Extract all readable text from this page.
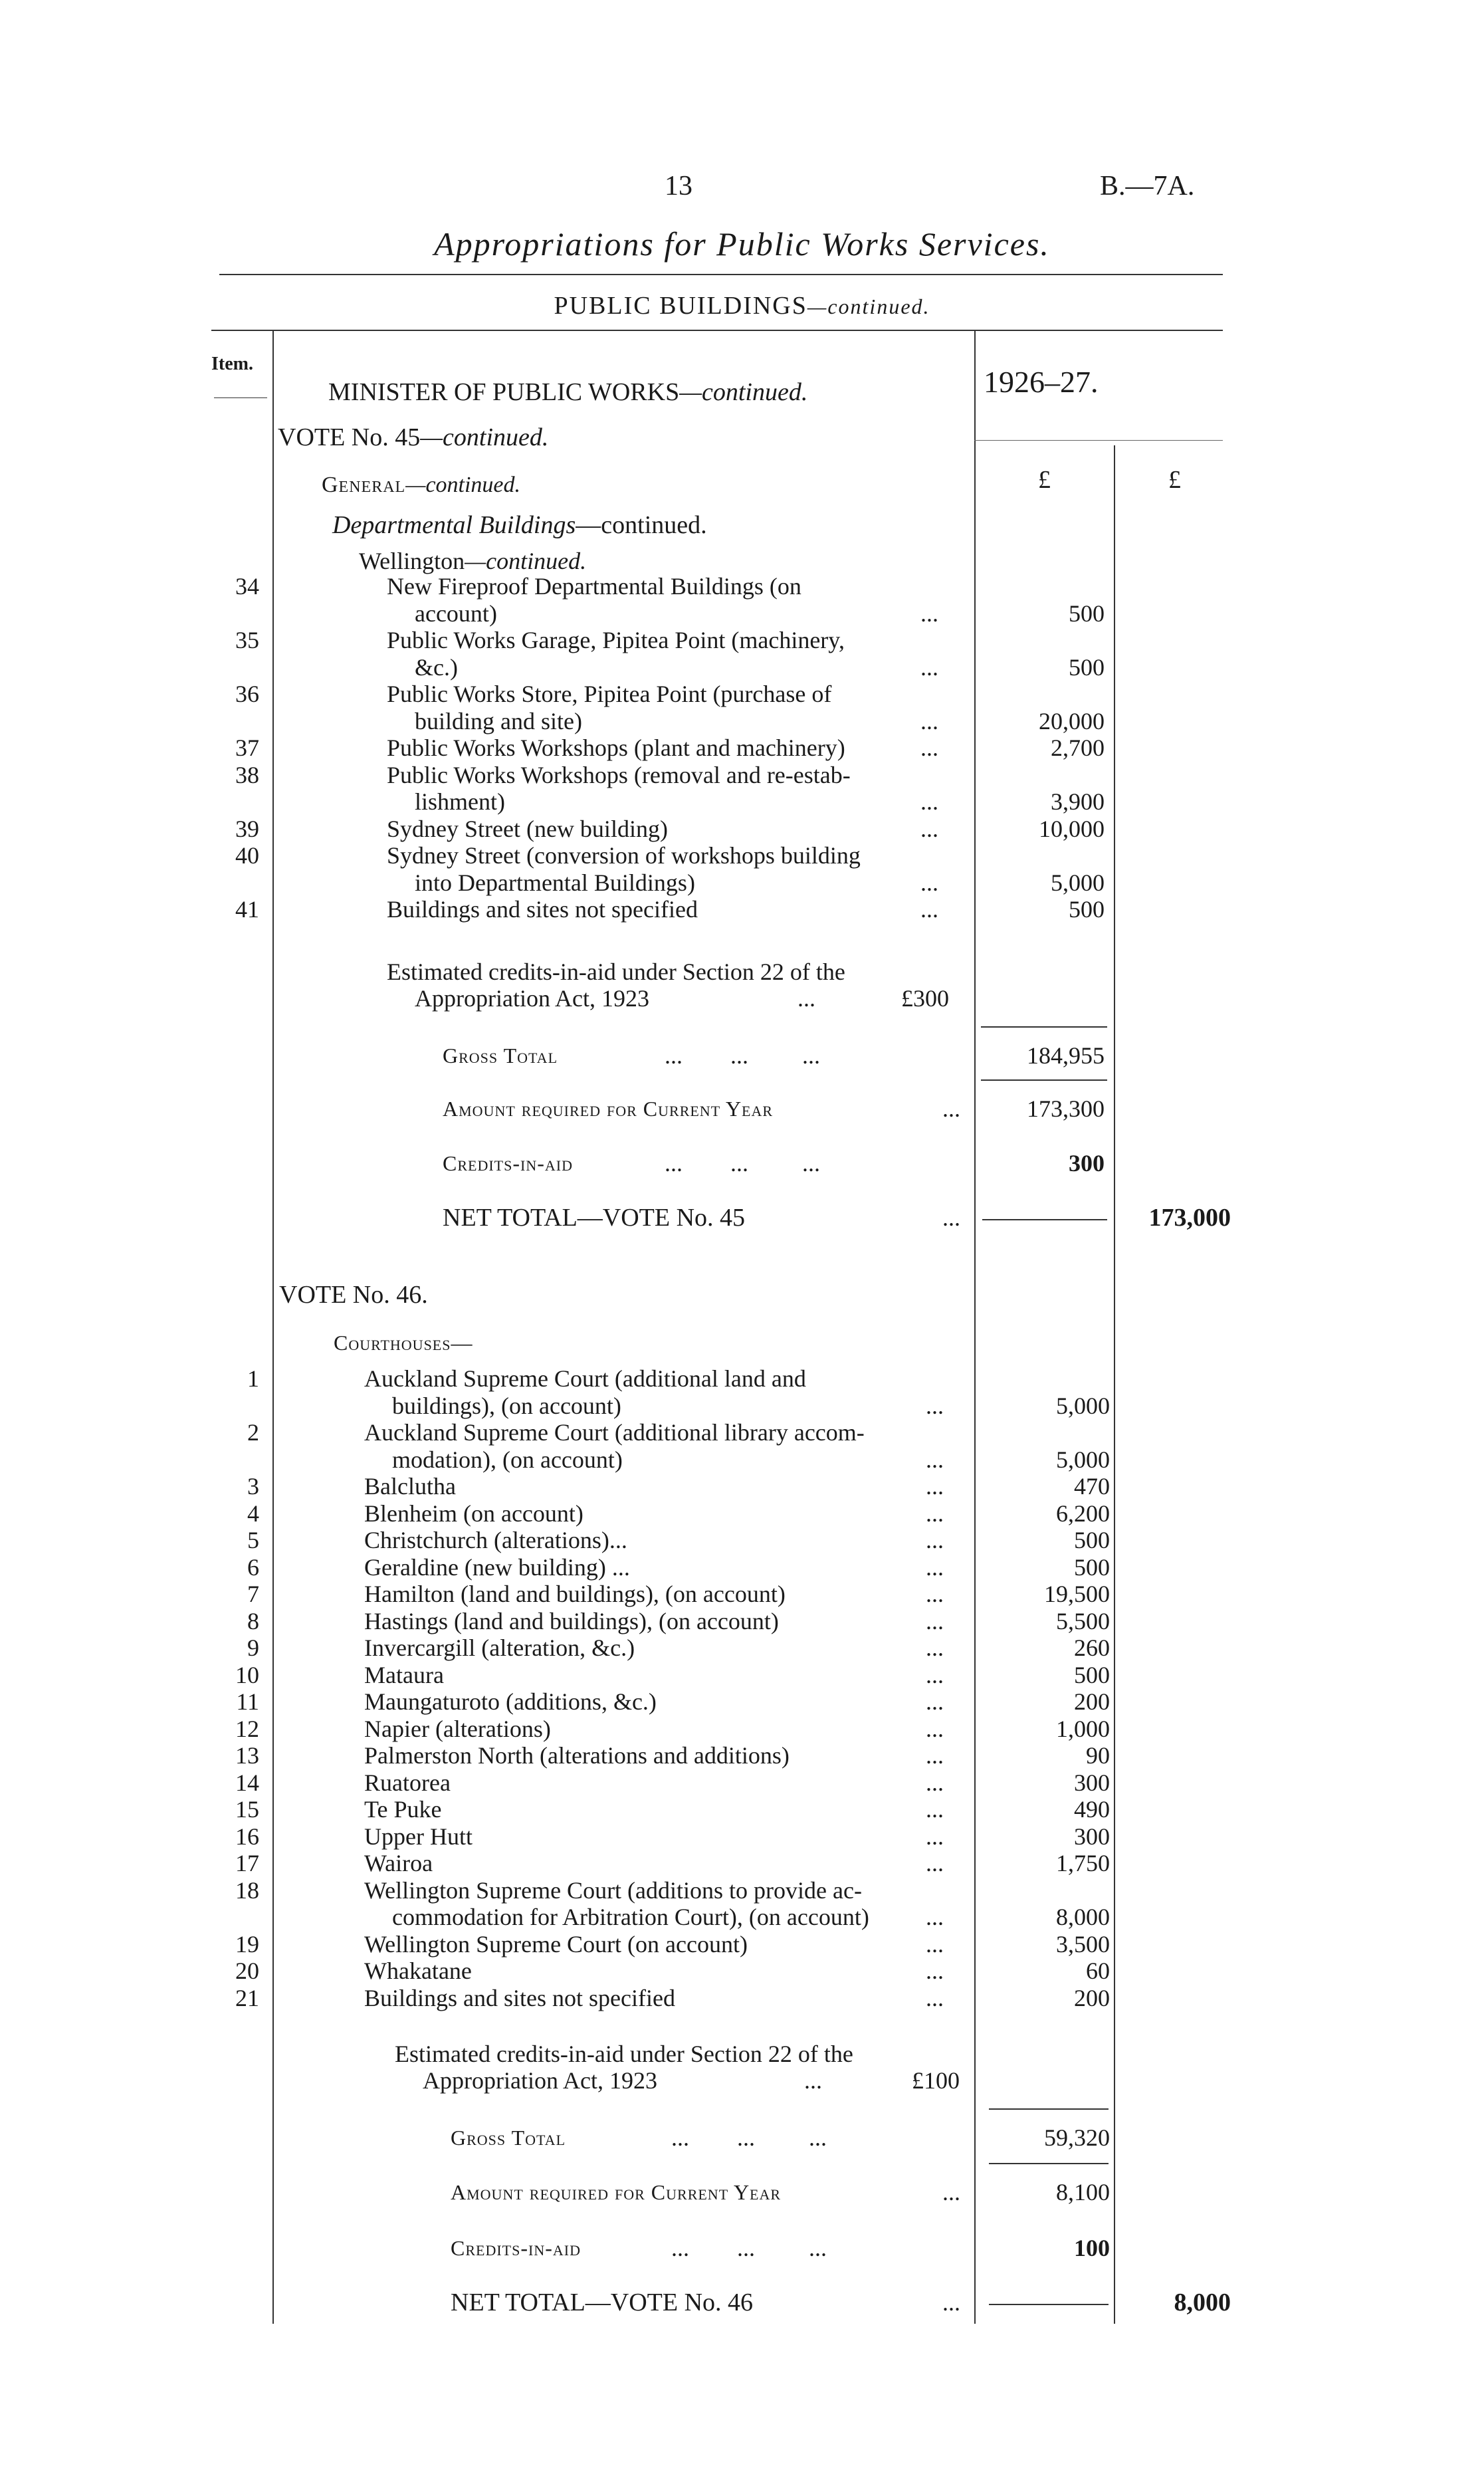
13	B.—7A.
Appropriations for Public Works Services.
PUBLIC BUILDINGS—continued.
Item.
MINISTER OF PUBLIC WORKS—continued.	1926–27.
£	£
VOTE No. 45—continued.
General—continued.
Departmental Buildings—continued.
Wellington—continued.
34	New Fireproof Departmental Buildings (on
account)	...	500
35	Public Works Garage, Pipitea Point (machinery,
&c.)	...	500
36	Public Works Store, Pipitea Point (purchase of
building and site)	...	20,000
37	Public Works Workshops (plant and machinery)	...	2,700
38	Public Works Workshops (removal and re-estab-
lishment)	...	3,900
39	Sydney Street (new building)	...	10,000
40	Sydney Street (conversion of workshops building
into Departmental Buildings)	...	5,000
41	Buildings and sites not specified	...	500
Estimated credits-in-aid under Section 22 of the
Appropriation Act, 1923	...	£300
Gross Total	...        ...         ...	184,955
Amount required for Current Year	...	173,300
Credits-in-aid	...        ...         ...	300
NET TOTAL—VOTE No. 45	...	173,000
VOTE No. 46.
Courthouses—
1	Auckland Supreme Court (additional land and
buildings), (on account)	...	5,000
2	Auckland Supreme Court (additional library accom-
modation), (on account)	...	5,000
3	Balclutha	...	470
4	Blenheim (on account)	...	6,200
5	Christchurch (alterations)...	...	500
6	Geraldine (new building) ...	...	500
7	Hamilton (land and buildings), (on account)	...	19,500
8	Hastings (land and buildings), (on account)	...	5,500
9	Invercargill (alteration, &c.)	...	260
10	Mataura	...	500
11	Maungaturoto (additions, &c.)	...	200
12	Napier (alterations)	...	1,000
13	Palmerston North (alterations and additions)	...	90
14	Ruatorea	...	300
15	Te Puke	...	490
16	Upper Hutt	...	300
17	Wairoa	...	1,750
18	Wellington Supreme Court (additions to provide ac-
commodation for Arbitration Court), (on account)	...	8,000
19	Wellington Supreme Court (on account)	...	3,500
20	Whakatane	...	60
21	Buildings and sites not specified	...	200
Estimated credits-in-aid under Section 22 of the
Appropriation Act, 1923	...	£100
Gross Total	...        ...         ...	59,320
Amount required for Current Year	...	8,100
Credits-in-aid	...        ...         ...	100
NET TOTAL—VOTE No. 46	...	8,000
